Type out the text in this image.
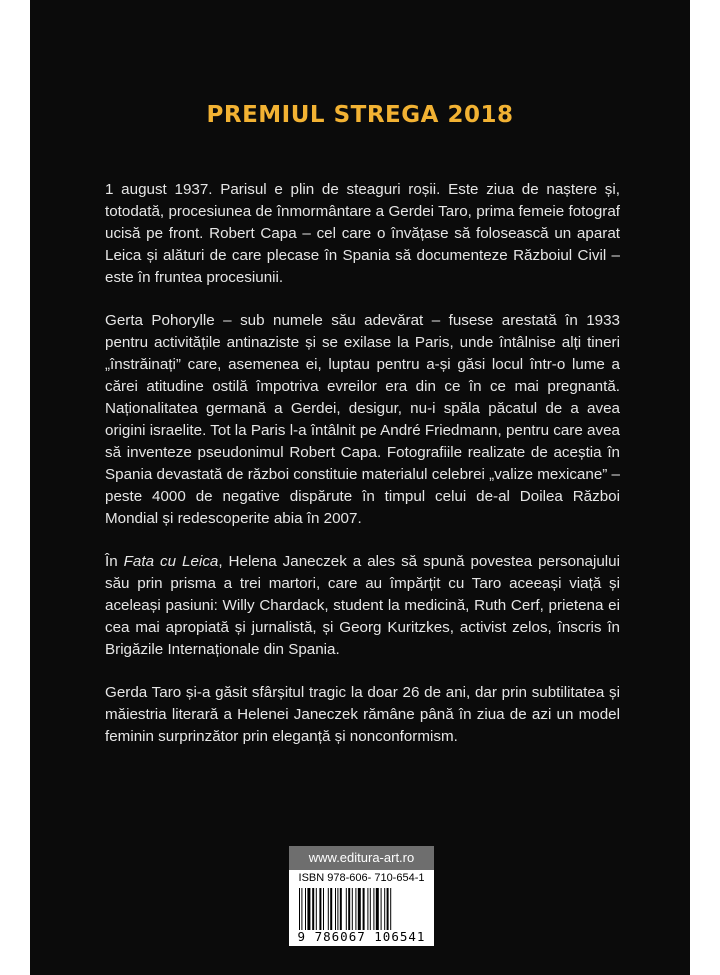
PREMIUL STREGA 2018

1 august 1937. Parisul e plin de steaguri roșii. Este ziua de naștere și, totodată, procesiunea de înmormântare a Gerdei Taro, prima femeie fotograf ucisă pe front. Robert Capa – cel care o învățase să folosească un aparat Leica și alături de care plecase în Spania să documenteze Războiul Civil – este în fruntea procesiunii.

Gerta Pohorylle – sub numele său adevărat – fusese arestată în 1933 pentru activitățile antinaziste și se exilase la Paris, unde întâlnise alți tineri „înstrăinați” care, asemenea ei, luptau pentru a-și găsi locul într-o lume a cărei atitudine ostilă împotriva evreilor era din ce în ce mai pregnantă. Naționalitatea germană a Gerdei, desigur, nu-i spăla păcatul de a avea origini israelite. Tot la Paris l-a întâlnit pe André Friedmann, pentru care avea să inventeze pseudonimul Robert Capa. Fotografiile realizate de aceștia în Spania devastată de război constituie materialul celebrei „valize mexicane” – peste 4000 de negative dispărute în timpul celui de-al Doilea Război Mondial și redescoperite abia în 2007.

În Fata cu Leica, Helena Janeczek a ales să spună povestea personajului său prin prisma a trei martori, care au împărțit cu Taro aceeași viață și aceleași pasiuni: Willy Chardack, student la medicină, Ruth Cerf, prietena ei cea mai apropiată și jurnalistă, și Georg Kuritzkes, activist zelos, înscris în Brigăzile Internaționale din Spania.

Gerda Taro și-a găsit sfârșitul tragic la doar 26 de ani, dar prin subtilitatea și măiestria literară a Helenei Janeczek rămâne până în ziua de azi un model feminin surprinzător prin eleganță și nonconformism.

www.editura-art.ro
ISBN 978-606- 710-654-1
9 786067 106541
